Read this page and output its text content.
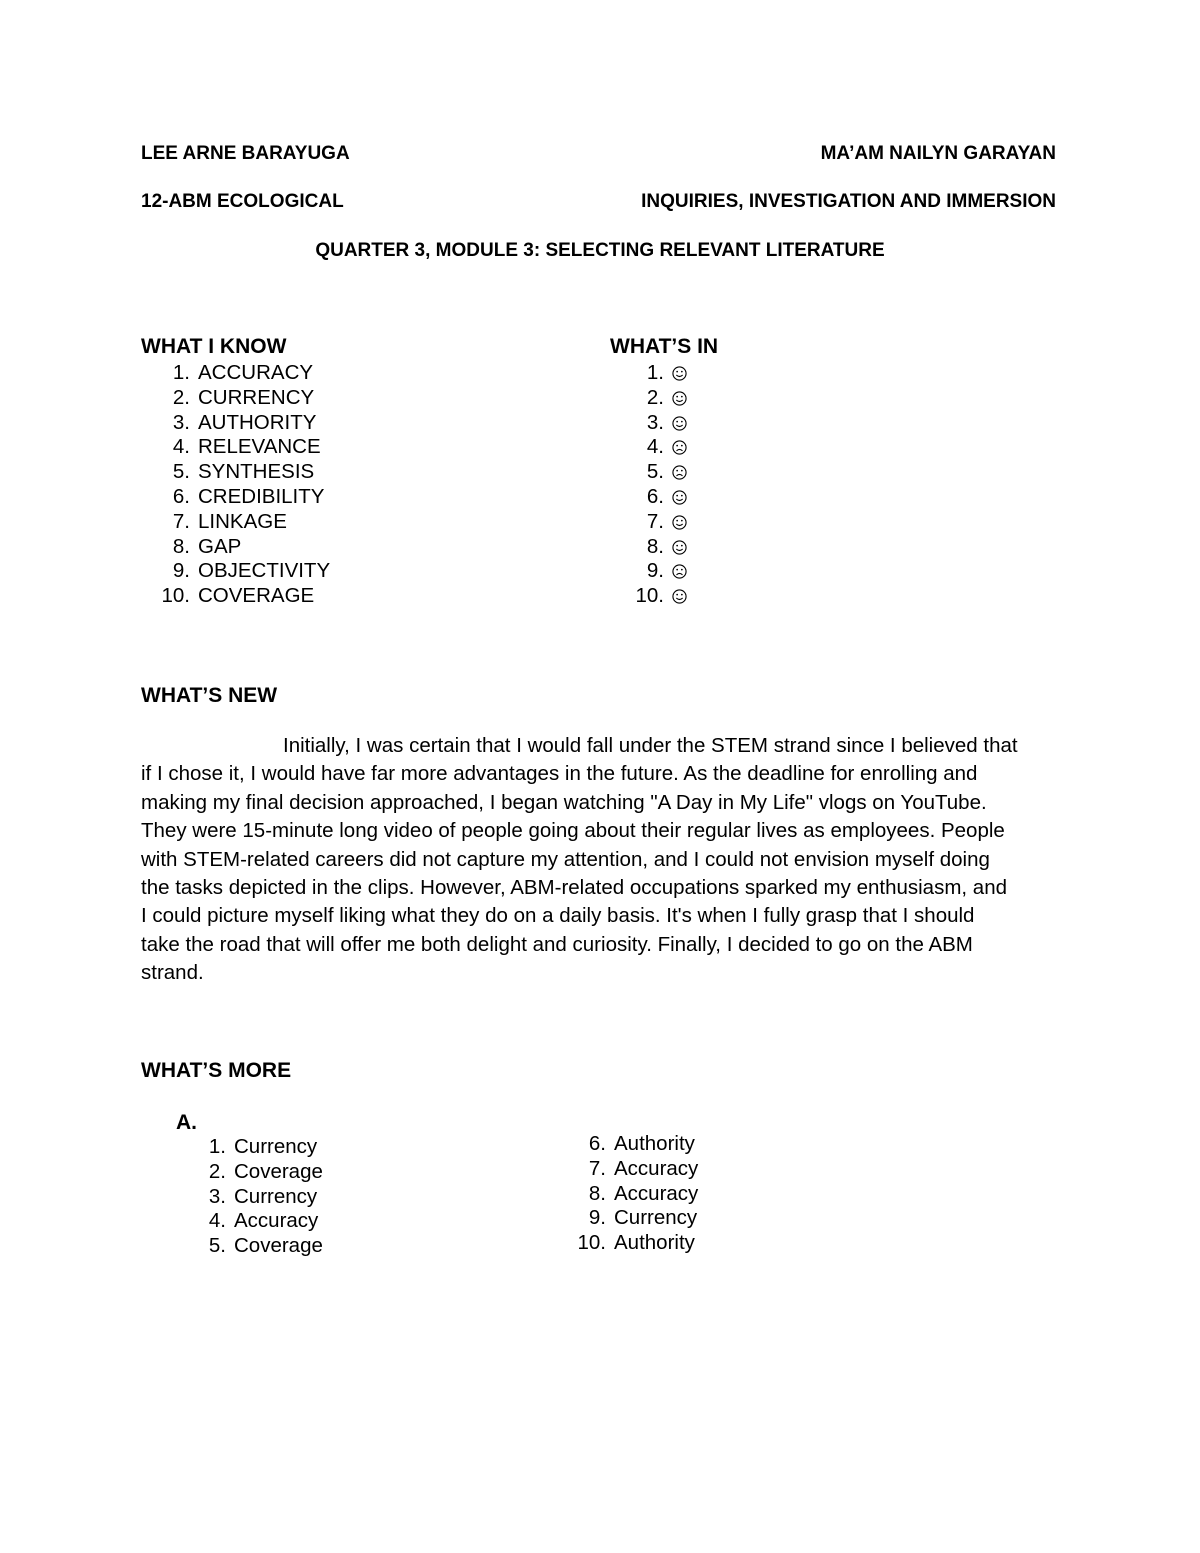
LEE ARNE BARAYUGA	MA’AM NAILYN GARAYAN
12-ABM ECOLOGICAL	INQUIRIES, INVESTIGATION AND IMMERSION
QUARTER 3, MODULE 3: SELECTING RELEVANT LITERATURE
WHAT I KNOW
1. ACCURACY
2. CURRENCY
3. AUTHORITY
4. RELEVANCE
5. SYNTHESIS
6. CREDIBILITY
7. LINKAGE
8. GAP
9. OBJECTIVITY
10. COVERAGE
WHAT’S IN
1.
2.
3.
4.
5.
6.
7.
8.
9.
10.
WHAT’S NEW
Initially, I was certain that I would fall under the STEM strand since I believed that
if I chose it, I would have far more advantages in the future. As the deadline for enrolling and
making my final decision approached, I began watching "A Day in My Life" vlogs on YouTube.
They were 15-minute long video of people going about their regular lives as employees. People
with STEM-related careers did not capture my attention, and I could not envision myself doing
the tasks depicted in the clips. However, ABM-related occupations sparked my enthusiasm, and
I could picture myself liking what they do on a daily basis. It's when I fully grasp that I should
take the road that will offer me both delight and curiosity. Finally, I decided to go on the ABM
strand.
WHAT’S MORE
A.
1. Currency
2. Coverage
3. Currency
4. Accuracy
5. Coverage
6. Authority
7. Accuracy
8. Accuracy
9. Currency
10. Authority
